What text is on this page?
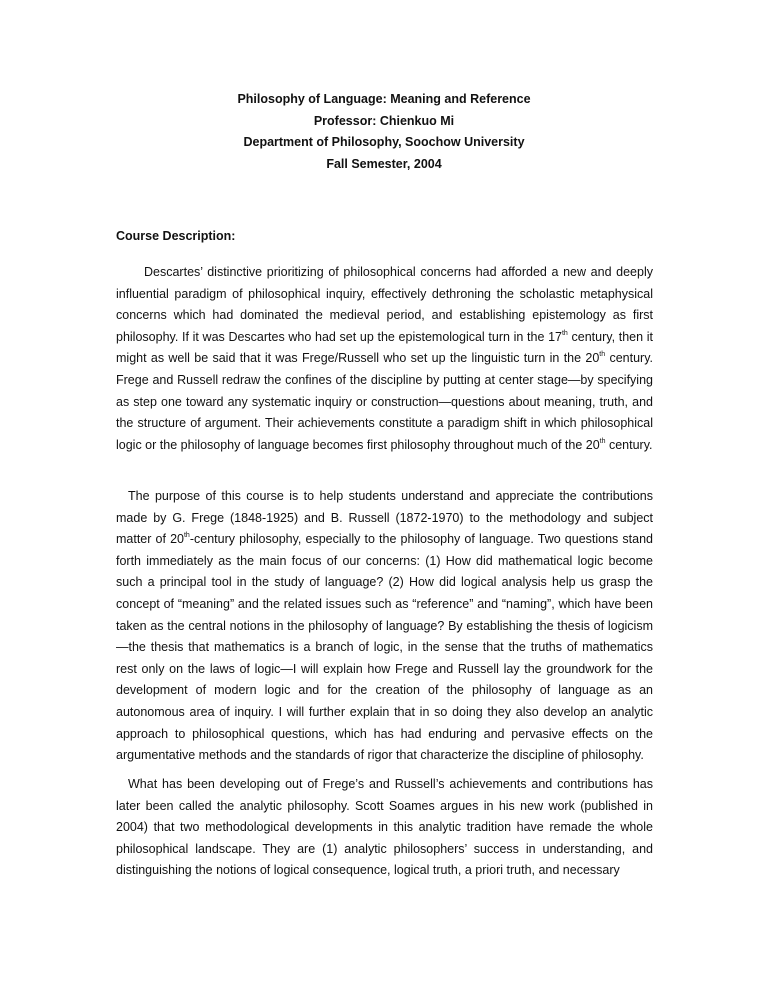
Philosophy of Language: Meaning and Reference
Professor: Chienkuo Mi
Department of Philosophy, Soochow University
Fall Semester, 2004
Course Description:

Descartes’ distinctive prioritizing of philosophical concerns had afforded a new and deeply influential paradigm of philosophical inquiry, effectively dethroning the scholastic metaphysical concerns which had dominated the medieval period, and establishing epistemology as first philosophy. If it was Descartes who had set up the epistemological turn in the 17th century, then it might as well be said that it was Frege/Russell who set up the linguistic turn in the 20th century. Frege and Russell redraw the confines of the discipline by putting at center stage—by specifying as step one toward any systematic inquiry or construction—questions about meaning, truth, and the structure of argument. Their achievements constitute a paradigm shift in which philosophical logic or the philosophy of language becomes first philosophy throughout much of the 20th century.

The purpose of this course is to help students understand and appreciate the contributions made by G. Frege (1848-1925) and B. Russell (1872-1970) to the methodology and subject matter of 20th-century philosophy, especially to the philosophy of language. Two questions stand forth immediately as the main focus of our concerns: (1) How did mathematical logic become such a principal tool in the study of language? (2) How did logical analysis help us grasp the concept of “meaning” and the related issues such as “reference” and “naming”, which have been taken as the central notions in the philosophy of language? By establishing the thesis of logicism—the thesis that mathematics is a branch of logic, in the sense that the truths of mathematics rest only on the laws of logic—I will explain how Frege and Russell lay the groundwork for the development of modern logic and for the creation of the philosophy of language as an autonomous area of inquiry. I will further explain that in so doing they also develop an analytic approach to philosophical questions, which has had enduring and pervasive effects on the argumentative methods and the standards of rigor that characterize the discipline of philosophy.

What has been developing out of Frege’s and Russell’s achievements and contributions has later been called the analytic philosophy. Scott Soames argues in his new work (published in 2004) that two methodological developments in this analytic tradition have remade the whole philosophical landscape. They are (1) analytic philosophers’ success in understanding, and distinguishing the notions of logical consequence, logical truth, a priori truth, and necessary
